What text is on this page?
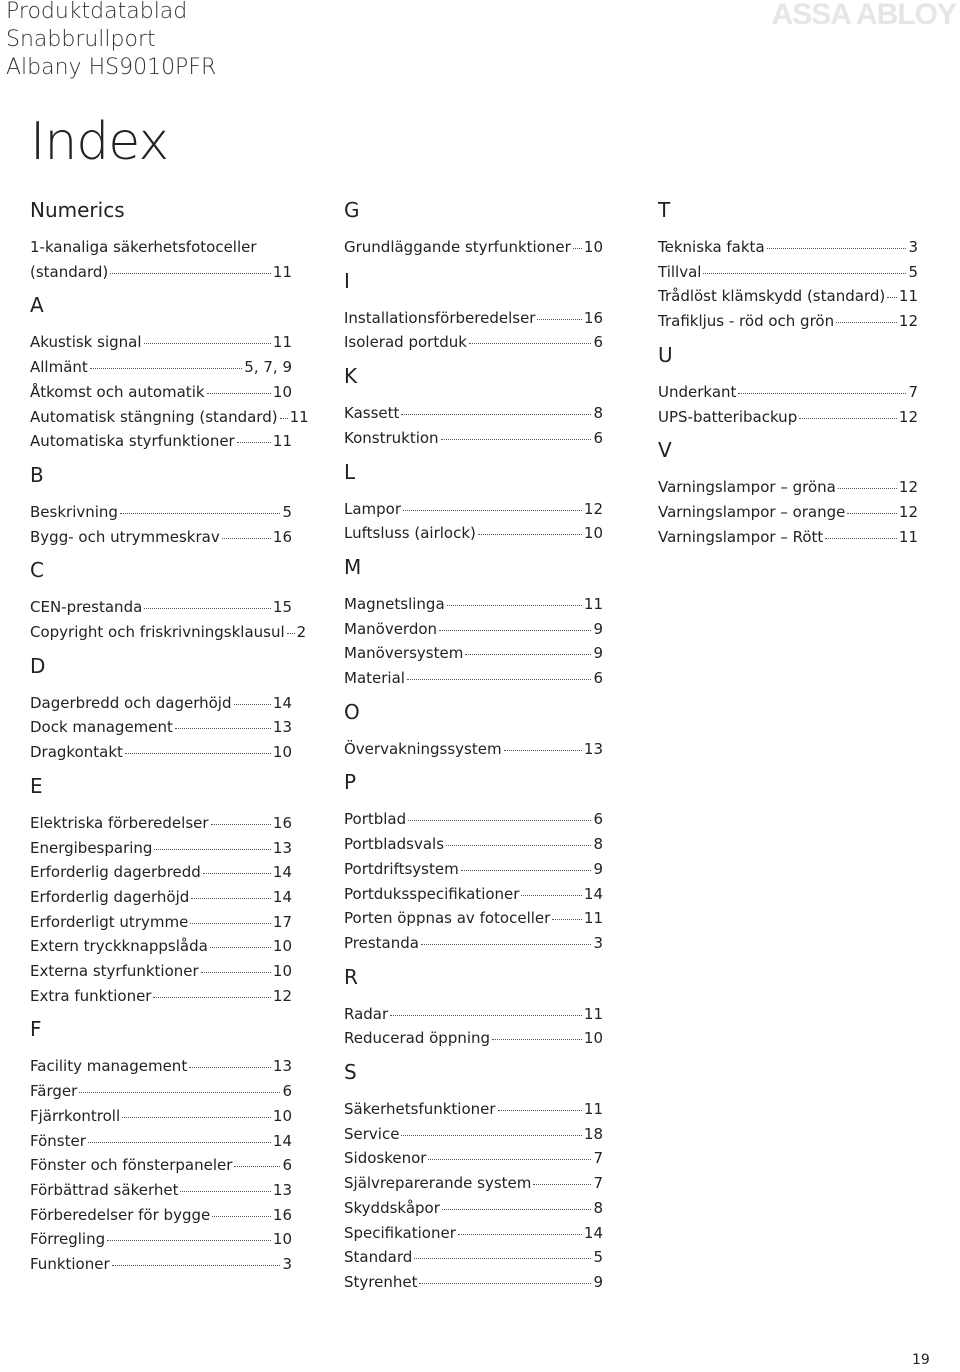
Produktdatablad
Snabbrullport
Albany HS9010PFR
ASSA ABLOY
Index
Numerics
1-kanaliga säkerhetsfotoceller
(standard)	11
A
Akustisk signal	11
Allmänt	5, 7, 9
Åtkomst och automatik	10
Automatisk stängning (standard) 11
Automatiska styrfunktioner	11
B
Beskrivning	5
Bygg- och utrymmeskrav	16
C
CEN-prestanda	15
Copyright och friskrivningsklausul 2
D
Dagerbredd och dagerhöjd	14
Dock management	13
Dragkontakt	10
E
Elektriska förberedelser	16
Energibesparing	13
Erforderlig dagerbredd	14
Erforderlig dagerhöjd	14
Erforderligt utrymme	17
Extern tryckknappslåda	10
Externa styrfunktioner	10
Extra funktioner	12
F
Facility management	13
Färger	6
Fjärrkontroll	10
Fönster	14
Fönster och fönsterpaneler	6
Förbättrad säkerhet	13
Förberedelser för bygge	16
Förregling	10
Funktioner	3
G
Grundläggande styrfunktioner 10
I
Installationsförberedelser	16
Isolerad portduk	6
K
Kassett	8
Konstruktion	6
L
Lampor	12
Luftsluss (airlock)	10
M
Magnetslinga	11
Manöverdon	9
Manöversystem	9
Material	6
O
Övervakningssystem	13
P
Portblad	6
Portbladsvals	8
Portdriftsystem	9
Portduksspecifikationer	14
Porten öppnas av fotoceller 11
Prestanda	3
R
Radar	11
Reducerad öppning	10
S
Säkerhetsfunktioner	11
Service	18
Sidoskenor	7
Självreparerande system	7
Skyddskåpor	8
Specifikationer	14
Standard	5
Styrenhet	9
T
Tekniska fakta	3
Tillval	5
Trådlöst klämskydd (standard) 11
Trafikljus - röd och grön	12
U
Underkant	7
UPS-batteribackup	12
V
Varningslampor – gröna	12
Varningslampor – orange	12
Varningslampor – Rött	11
19
